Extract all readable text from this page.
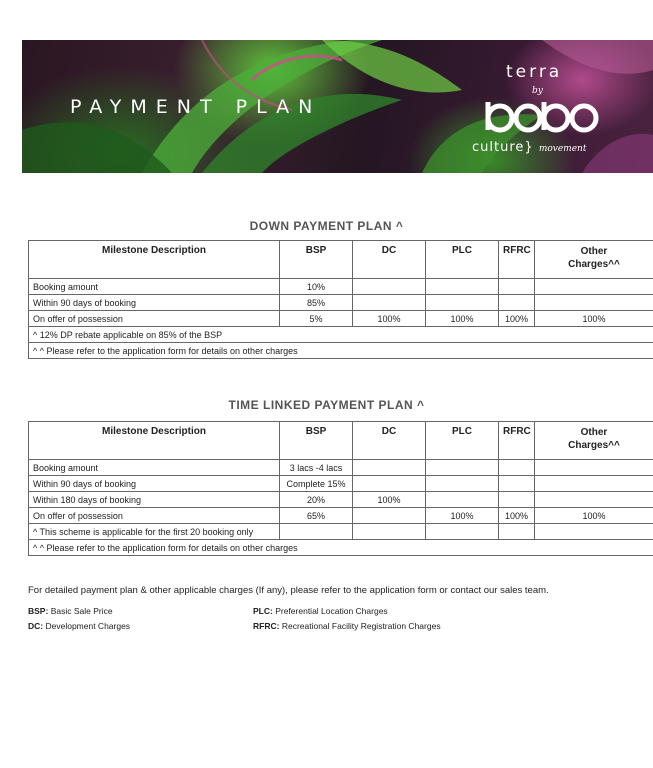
PAYMENT PLAN
terra
by
culture} movement
DOWN PAYMENT PLAN ^
Milestone Description	BSP	DC	PLC	RFRC	Other
Charges^^
Booking amount	10%				
Within 90 days of booking	85%				
On offer of possession	5%	100%	100%	100%	100%
^ 12% DP rebate applicable on 85% of the BSP					
^ ^ Please refer to the application form for details on other charges					
TIME LINKED PAYMENT PLAN ^
Milestone Description	BSP	DC	PLC	RFRC	Other
Charges^^
Booking amount	3 lacs -4 lacs				
Within 90 days of booking	Complete 15%				
Within 180 days of booking	20%	100%			
On offer of possession	65%		100%	100%	100%
^ This scheme is applicable for the first 20 booking only					
^ ^ Please refer to the application form for details on other charges					
For detailed payment plan & other applicable charges (If any), please refer to the application form or contact our sales team.
BSP: Basic Sale Price
DC: Development Charges
PLC: Preferential Location Charges
RFRC: Recreational Facility Registration Charges
